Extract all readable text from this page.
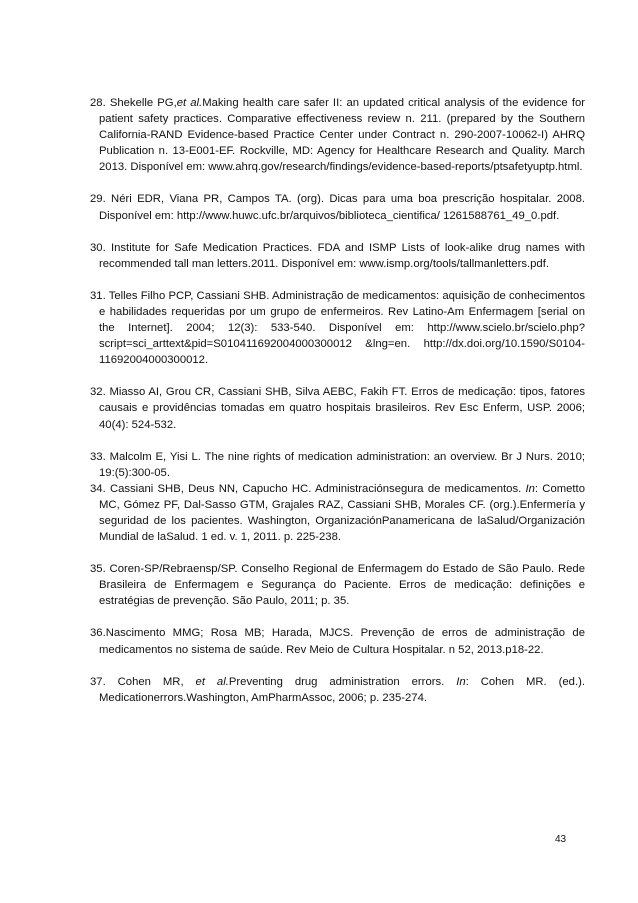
28. Shekelle PG,et al.Making health care safer II: an updated critical analysis of the evidence for patient safety practices. Comparative effectiveness review n. 211. (prepared by the Southern California-RAND Evidence-based Practice Center under Contract n. 290-2007-10062-I) AHRQ Publication n. 13-E001-EF. Rockville, MD: Agency for Healthcare Research and Quality. March 2013. Disponível em: www.ahrq.gov/research/findings/evidence-based-reports/ptsafetyuptp.html.

29. Néri EDR, Viana PR, Campos TA. (org). Dicas para uma boa prescrição hospitalar. 2008. Disponível em: http://www.huwc.ufc.br/arquivos/biblioteca_cientifica/ 1261588761_49_0.pdf.

30. Institute for Safe Medication Practices. FDA and ISMP Lists of look-alike drug names with recommended tall man letters.2011. Disponível em: www.ismp.org/tools/tallmanletters.pdf.

31. Telles Filho PCP, Cassiani SHB. Administração de medicamentos: aquisição de conhecimentos e habilidades requeridas por um grupo de enfermeiros. Rev Latino-Am Enfermagem [serial on the Internet]. 2004; 12(3): 533-540. Disponível em: http://www.scielo.br/scielo.php?script=sci_arttext&pid=S010411692004000300012 &lng=en. http://dx.doi.org/10.1590/S0104-11692004000300012.

32. Miasso AI, Grou CR, Cassiani SHB, Silva AEBC, Fakih FT. Erros de medicação: tipos, fatores causais e providências tomadas em quatro hospitais brasileiros. Rev Esc Enferm, USP. 2006; 40(4): 524-532.

33. Malcolm E, Yisi L. The nine rights of medication administration: an overview. Br J Nurs. 2010; 19:(5):300-05.

34. Cassiani SHB, Deus NN, Capucho HC. Administraciónsegura de medicamentos. In: Cometto MC, Gómez PF, Dal-Sasso GTM, Grajales RAZ, Cassiani SHB, Morales CF. (org.).Enfermería y seguridad de los pacientes. Washington, OrganizaciónPanamericana de laSalud/Organización Mundial de laSalud. 1 ed. v. 1, 2011. p. 225-238.

35. Coren-SP/Rebraensp/SP. Conselho Regional de Enfermagem do Estado de São Paulo. Rede Brasileira de Enfermagem e Segurança do Paciente. Erros de medicação: definições e estratégias de prevenção. São Paulo, 2011; p. 35.

36.Nascimento MMG; Rosa MB; Harada, MJCS. Prevenção de erros de administração de medicamentos no sistema de saúde. Rev Meio de Cultura Hospitalar. n 52, 2013.p18-22.

37. Cohen MR, et al.Preventing drug administration errors. In: Cohen MR. (ed.). Medicationerrors.Washington, AmPharmAssoc, 2006; p. 235-274.

43
